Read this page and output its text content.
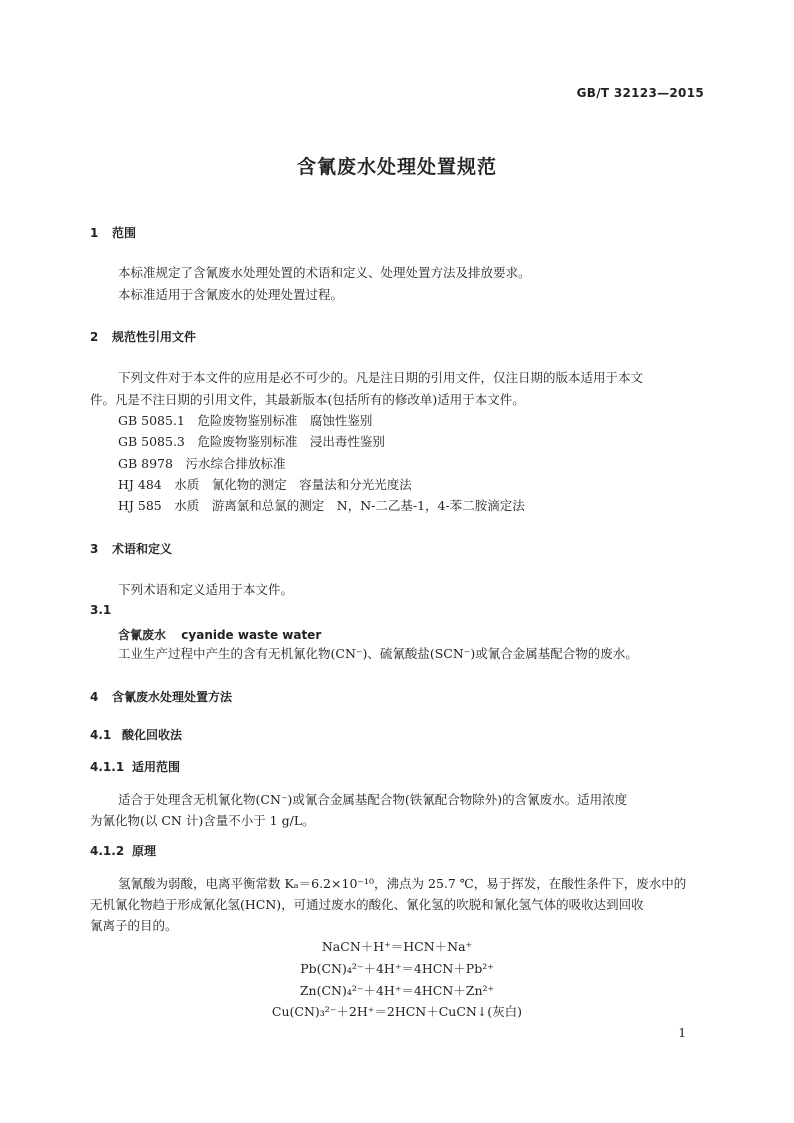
GB/T 32123—2015
含氰废水处理处置规范
1 范围
本标准规定了含氰废水处理处置的术语和定义、处理处置方法及排放要求。
本标准适用于含氰废水的处理处置过程。
2 规范性引用文件
下列文件对于本文件的应用是必不可少的。凡是注日期的引用文件，仅注日期的版本适用于本文
件。凡是不注日期的引用文件，其最新版本(包括所有的修改单)适用于本文件。
GB 5085.1　 危险废物鉴别标准　腐蚀性鉴别
GB 5085.3　 危险废物鉴别标准　浸出毒性鉴别
GB 8978　 污水综合排放标准
HJ 484　 水质　氰化物的测定　容量法和分光光度法
HJ 585　 水质　游离氯和总氯的测定　N，N-二乙基-1，4-苯二胺滴定法
3 术语和定义
下列术语和定义适用于本文件。
3.1
含氰废水 cyanide waste water
工业生产过程中产生的含有无机氰化物(CN⁻)、硫氰酸盐(SCN⁻)或氰合金属基配合物的废水。
4 含氰废水处理处置方法
4.1 酸化回收法
4.1.1 适用范围
适合于处理含无机氰化物(CN⁻)或氰合金属基配合物(铁氰配合物除外)的含氰废水。适用浓度
为氰化物(以 CN 计)含量不小于 1 g/L。
4.1.2 原理
氢氰酸为弱酸，电离平衡常数 Kₐ＝6.2×10⁻¹⁰，沸点为 25.7 ℃，易于挥发，在酸性条件下，废水中的
无机氰化物趋于形成氰化氢(HCN)，可通过废水的酸化、氰化氢的吹脱和氰化氢气体的吸收达到回收
氰离子的目的。
NaCN＋H⁺＝HCN＋Na⁺
Pb(CN)₄²⁻＋4H⁺＝4HCN＋Pb²⁺
Zn(CN)₄²⁻＋4H⁺＝4HCN＋Zn²⁺
Cu(CN)₃²⁻＋2H⁺＝2HCN＋CuCN↓(灰白)
1
